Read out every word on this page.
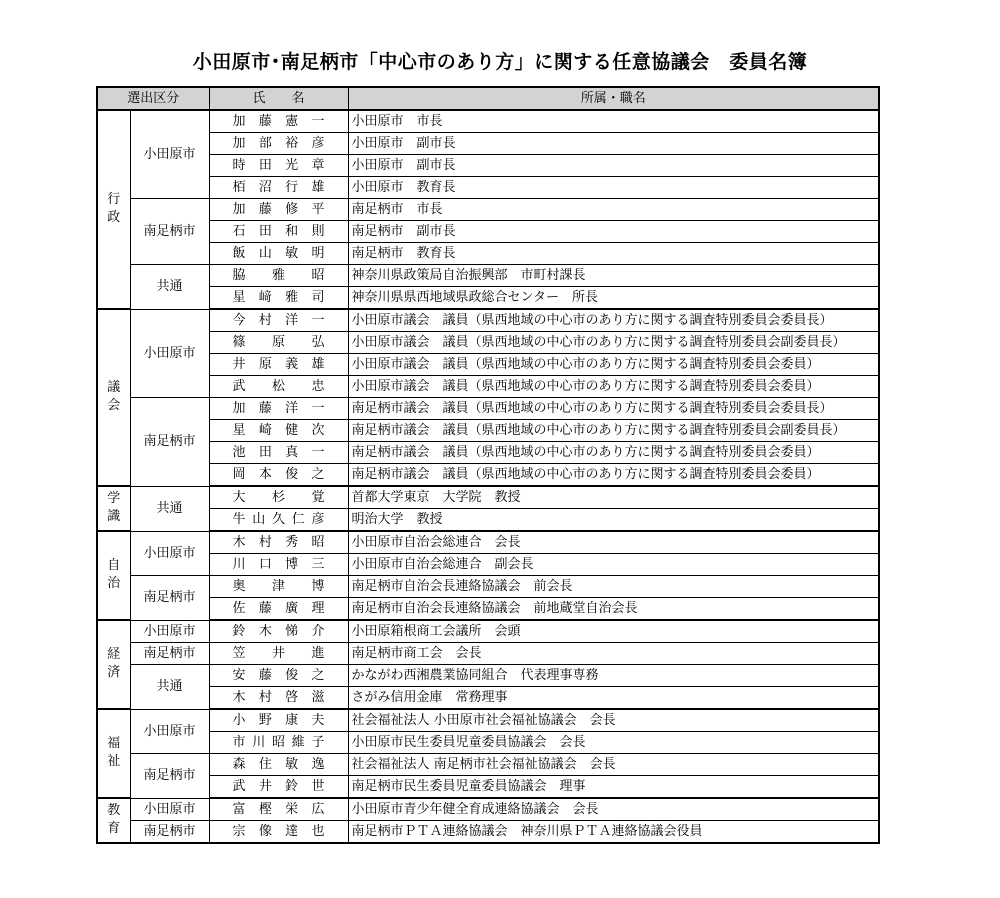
小田原市･南足柄市「中心市のあり方」に関する任意協議会　委員名簿
選出区分		氏　　名	所属・職名
行政	小田原市	加藤憲一	小田原市　市長
		加部裕彦	小田原市　副市長
		時田光章	小田原市　副市長
		栢沼行雄	小田原市　教育長
	南足柄市	加藤修平	南足柄市　市長
		石田和則	南足柄市　副市長
		飯山敏明	南足柄市　教育長
	共通	脇雅昭	神奈川県政策局自治振興部　市町村課長
		星﨑雅司	神奈川県県西地域県政総合センター　所長
議会	小田原市	今村洋一	小田原市議会　議員（県西地域の中心市のあり方に関する調査特別委員会委員長）
		篠原弘	小田原市議会　議員（県西地域の中心市のあり方に関する調査特別委員会副委員長）
		井原義雄	小田原市議会　議員（県西地域の中心市のあり方に関する調査特別委員会委員）
		武松忠	小田原市議会　議員（県西地域の中心市のあり方に関する調査特別委員会委員）
	南足柄市	加藤洋一	南足柄市議会　議員（県西地域の中心市のあり方に関する調査特別委員会委員長）
		星崎健次	南足柄市議会　議員（県西地域の中心市のあり方に関する調査特別委員会副委員長）
		池田真一	南足柄市議会　議員（県西地域の中心市のあり方に関する調査特別委員会委員）
		岡本俊之	南足柄市議会　議員（県西地域の中心市のあり方に関する調査特別委員会委員）
学識	共通	大杉覚	首都大学東京　大学院　教授
		牛山久仁彦	明治大学　教授
自治	小田原市	木村秀昭	小田原市自治会総連合　会長
		川口博三	小田原市自治会総連合　副会長
	南足柄市	奥津博	南足柄市自治会長連絡協議会　前会長
		佐藤廣理	南足柄市自治会長連絡協議会　前地蔵堂自治会長
経済	小田原市	鈴木悌介	小田原箱根商工会議所　会頭
	南足柄市	笠井進	南足柄市商工会　会長
	共通	安藤俊之	かながわ西湘農業協同組合　代表理事専務
		木村啓滋	さがみ信用金庫　常務理事
福祉	小田原市	小野康夫	社会福祉法人 小田原市社会福祉協議会　会長
		市川昭維子	小田原市民生委員児童委員協議会　会長
	南足柄市	森住敏逸	社会福祉法人 南足柄市社会福祉協議会　会長
		武井鈴世	南足柄市民生委員児童委員協議会　理事
教育	小田原市	富樫栄広	小田原市青少年健全育成連絡協議会　会長
	南足柄市	宗像達也	南足柄市ＰＴＡ連絡協議会　神奈川県ＰＴＡ連絡協議会役員
